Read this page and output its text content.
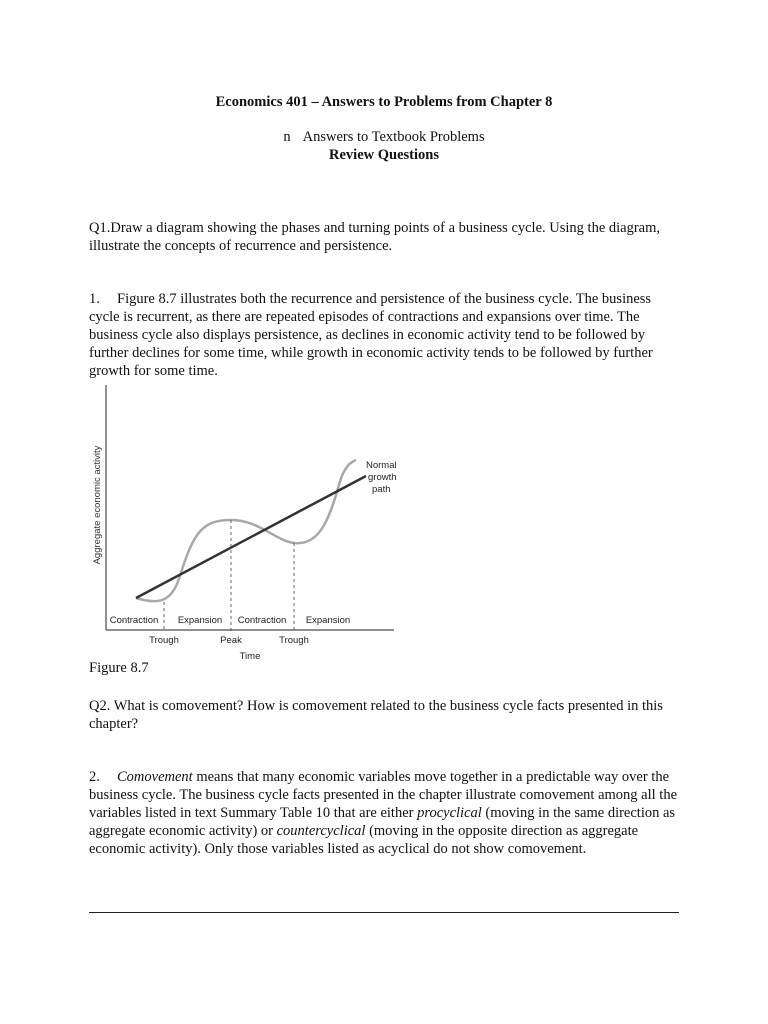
Economics 401 – Answers to Problems from Chapter 8
n Answers to Textbook Problems
Review Questions
Q1.Draw a diagram showing the phases and turning points of a business cycle. Using the diagram, illustrate the concepts of recurrence and persistence.
1. Figure 8.7 illustrates both the recurrence and persistence of the business cycle. The business cycle is recurrent, as there are repeated episodes of contractions and expansions over time. The business cycle also displays persistence, as declines in economic activity tend to be followed by further declines for some time, while growth in economic activity tends to be followed by further growth for some time.
Aggregate economic activity	Normal
growth
path
Contraction Expansion Contraction Expansion
Trough	Peak	Trough
Time
Figure 8.7
Q2. What is comovement? How is comovement related to the business cycle facts presented in this chapter?
2. Comovement means that many economic variables move together in a predictable way over the business cycle. The business cycle facts presented in the chapter illustrate comovement among all the variables listed in text Summary Table 10 that are either procyclical (moving in the same direction as aggregate economic activity) or countercyclical (moving in the opposite direction as aggregate economic activity). Only those variables listed as acyclical do not show comovement.
